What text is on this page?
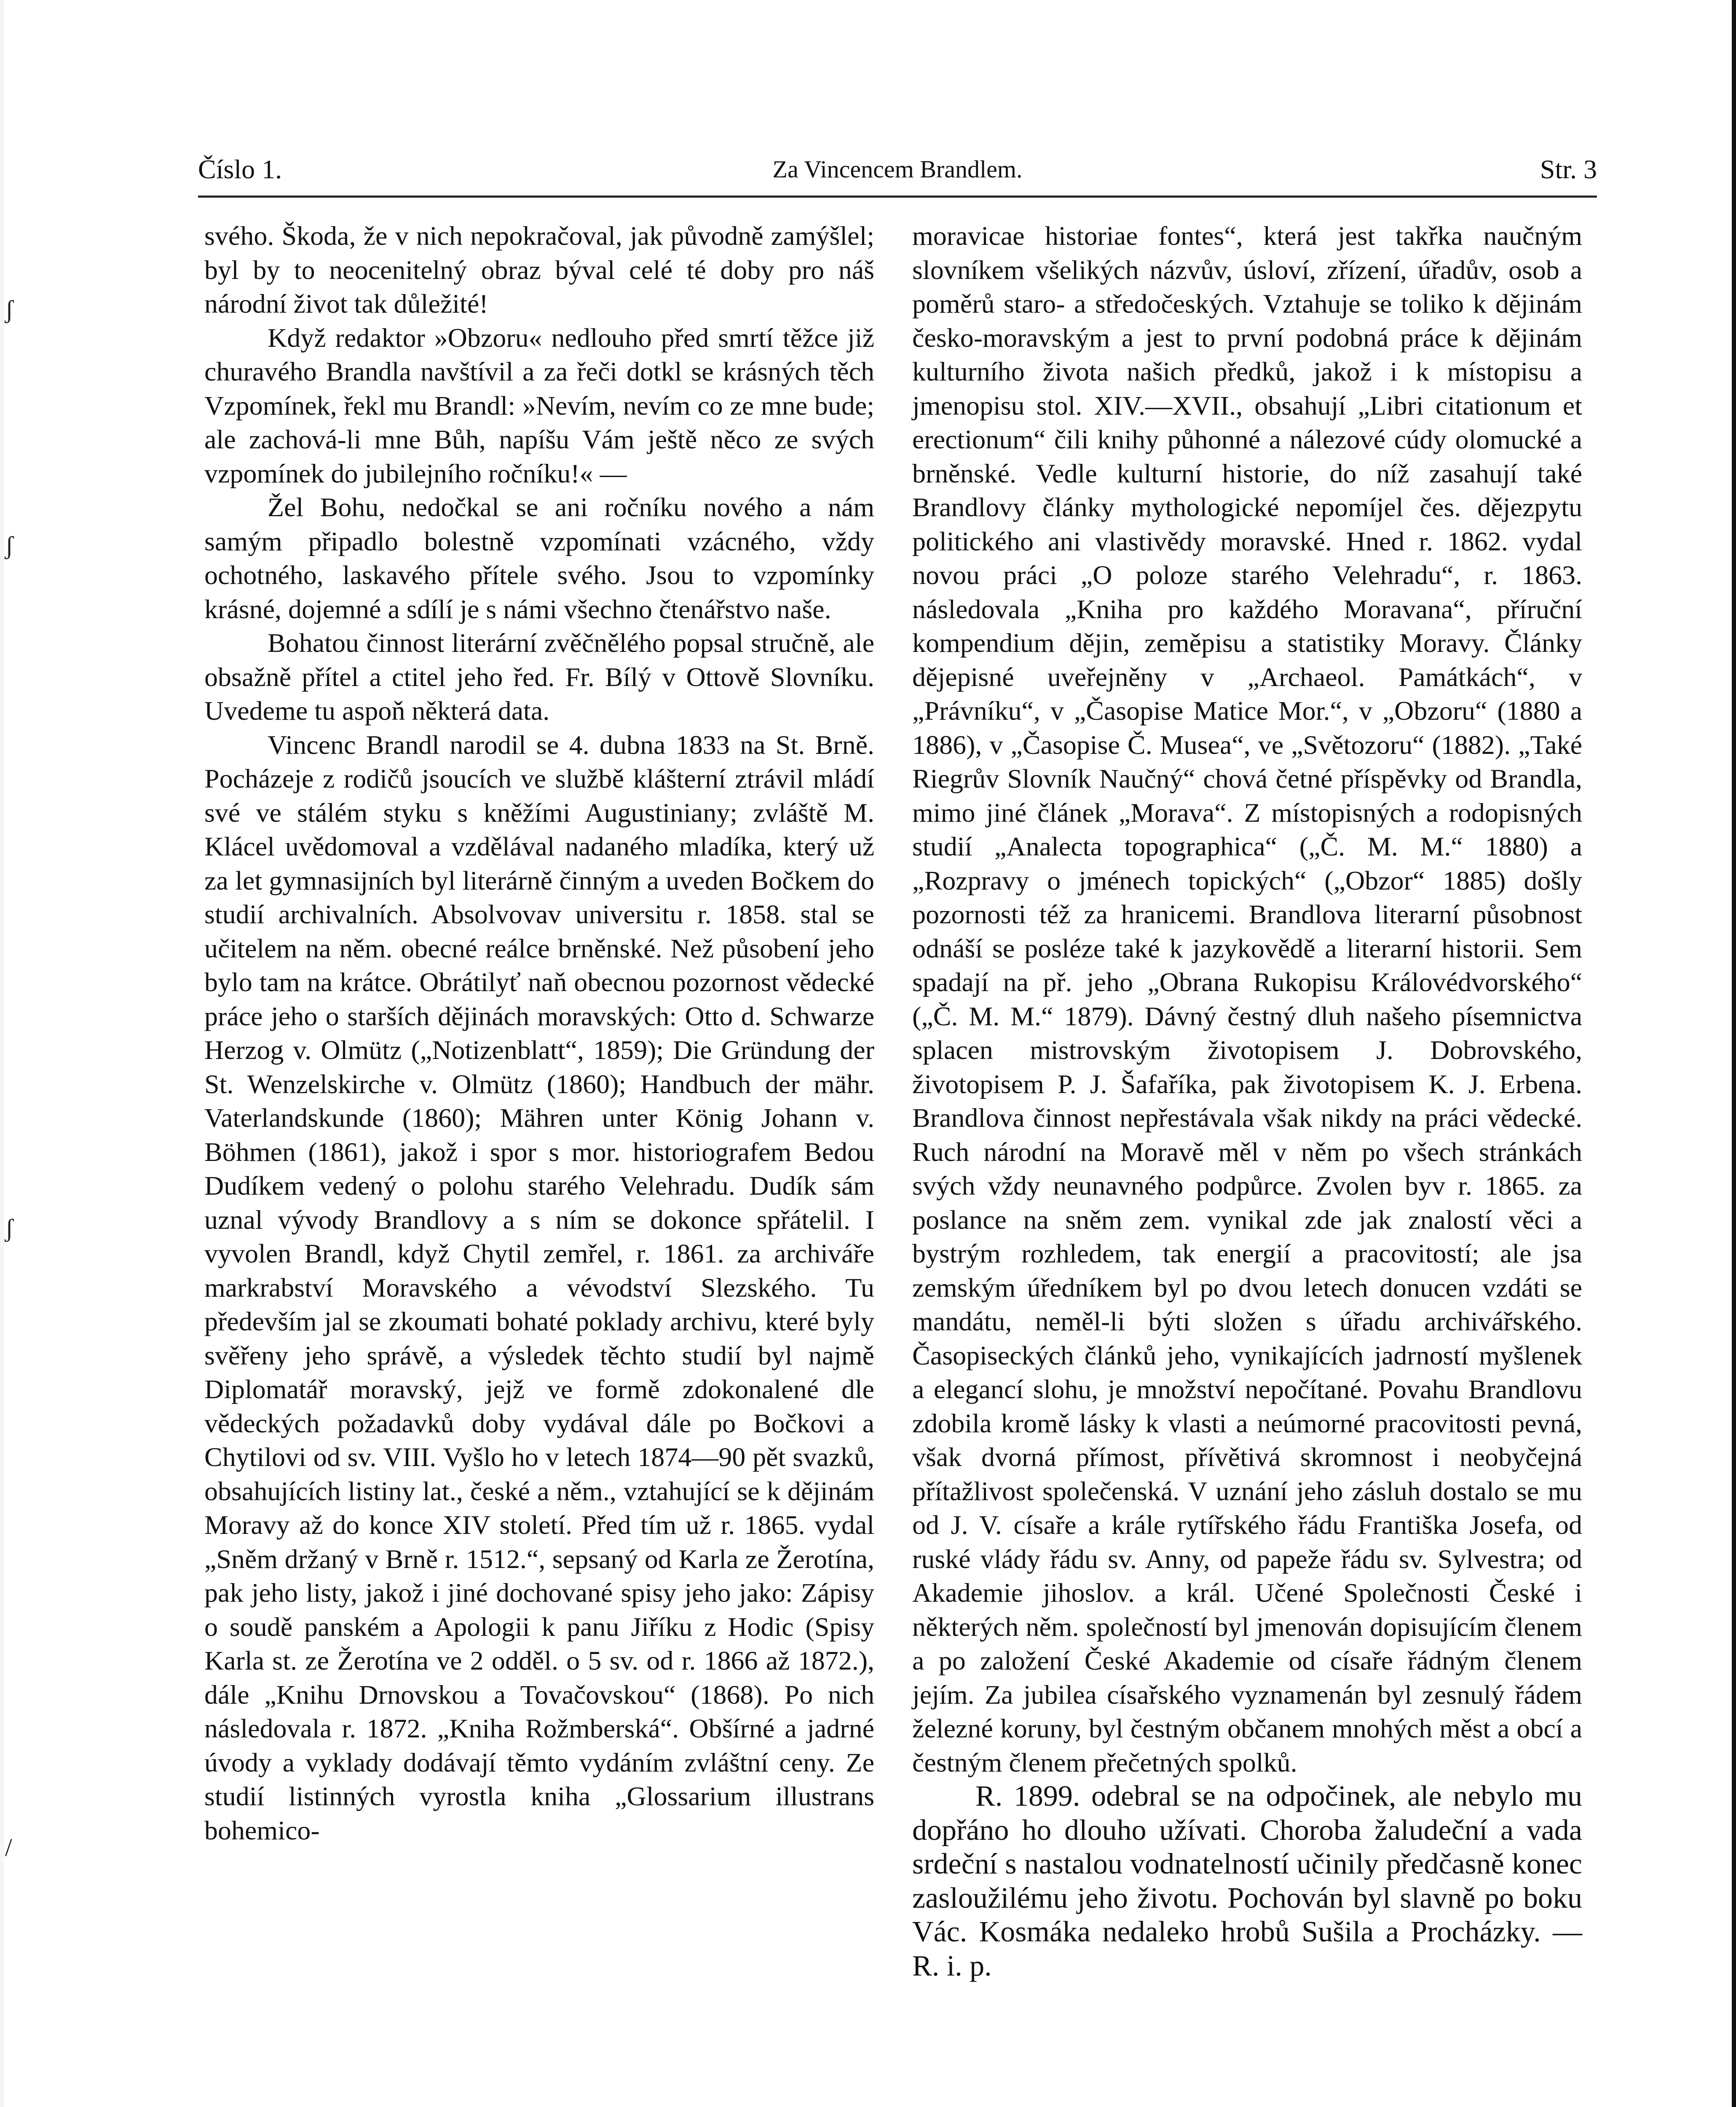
ʃ
ʃ
ʃ
/
Za Vincencem Brandlem.
Číslo 1.	Str. 3

svého. Škoda, že v nich nepokračoval, jak původně zamýšlel; byl by to neocenitelný obraz býval celé té doby pro náš národní život tak důležité!

Když redaktor »Obzoru« nedlouho před smrtí těžce již churavého Brandla navštívil a za řeči dotkl se krásných těch Vzpomínek, řekl mu Brandl: »Nevím, nevím co ze mne bude; ale zachová-li mne Bůh, napíšu Vám ještě něco ze svých vzpomínek do jubilejního ročníku!« —

Žel Bohu, nedočkal se ani ročníku nového a nám samým připadlo bolestně vzpomínati vzácného, vždy ochotného, laskavého přítele svého. Jsou to vzpomínky krásné, dojemné a sdílí je s námi všechno čtenářstvo naše.

Bohatou činnost literární zvěčnělého popsal stručně, ale obsažně přítel a ctitel jeho řed. Fr. Bílý v Ottově Slovníku. Uvedeme tu aspoň některá data.

Vincenc Brandl narodil se 4. dubna 1833 na St. Brně. Pocházeje z rodičů jsoucích ve službě klášterní ztrávil mládí své ve stálém styku s kněžími Augustiniany; zvláště M. Klácel uvědomoval a vzdělával nadaného mladíka, který už za let gymnasijních byl literárně činným a uveden Bočkem do studií archivalních. Absolvovav universitu r. 1858. stal se učitelem na něm. obecné reálce brněnské. Než působení jeho bylo tam na krátce. Obrátilyť naň obecnou pozornost vědecké práce jeho o starších dějinách moravských: Otto d. Schwarze Herzog v. Olmütz („Notizenblatt“, 1859); Die Gründung der St. Wenzelskirche v. Olmütz (1860); Handbuch der mähr. Vaterlandskunde (1860); Mähren unter König Johann v. Böhmen (1861), jakož i spor s mor. historiografem Bedou Dudíkem vedený o polohu starého Velehradu. Dudík sám uznal vývody Brandlovy a s ním se dokonce spřátelil. I vyvolen Brandl, když Chytil zemřel, r. 1861. za archiváře markrabství Moravského a vévodství Slezského. Tu především jal se zkoumati bohaté poklady archivu, které byly svěřeny jeho správě, a výsledek těchto studií byl najmě Diplomatář moravský, jejž ve formě zdokonalené dle vědeckých požadavků doby vydával dále po Bočkovi a Chytilovi od sv. VIII. Vyšlo ho v letech 1874—90 pět svazků, obsahujících listiny lat., české a něm., vztahující se k dějinám Moravy až do konce XIV století. Před tím už r. 1865. vydal „Sněm držaný v Brně r. 1512.“, sepsaný od Karla ze Žerotína, pak jeho listy, jakož i jiné dochované spisy jeho jako: Zápisy o soudě panském a Apologii k panu Jiříku z Hodic (Spisy Karla st. ze Žerotína ve 2 odděl. o 5 sv. od r. 1866 až 1872.), dále „Knihu Drnovskou a Tovačovskou“ (1868). Po nich následovala r. 1872. „Kniha Rožmberská“. Obšírné a jadrné úvody a vyklady dodávají těmto vydáním zvláštní ceny. Ze studií listinných vyrostla kniha „Glossarium illustrans bohemico-

moravicae historiae fontes“, která jest takřka naučným slovníkem všelikých názvův, úsloví, zřízení, úřadův, osob a poměrů staro- a středočeských. Vztahuje se toliko k dějinám česko-moravským a jest to první podobná práce k dějinám kulturního života našich předků, jakož i k místopisu a jmenopisu stol. XIV.—XVII., obsahují „Libri citationum et erectionum“ čili knihy půhonné a nálezové cúdy olomucké a brněnské. Vedle kulturní historie, do níž zasahují také Brandlovy články mythologické nepomíjel čes. dějezpytu politického ani vlastivědy moravské. Hned r. 1862. vydal novou práci „O poloze starého Velehradu“, r. 1863. následovala „Kniha pro každého Moravana“, příruční kompendium dějin, zeměpisu a statistiky Moravy. Články dějepisné uveřejněny v „Archaeol. Památkách“, v „Právníku“, v „Časopise Matice Mor.“, v „Obzoru“ (1880 a 1886), v „Časopise Č. Musea“, ve „Světozoru“ (1882). „Také Riegrův Slovník Naučný“ chová četné příspěvky od Brandla, mimo jiné článek „Morava“. Z místopisných a rodopisných studií „Analecta topographica“ („Č. M. M.“ 1880) a „Rozpravy o jménech topických“ („Obzor“ 1885) došly pozornosti též za hranicemi. Brandlova literarní působnost odnáší se posléze také k jazykovědě a literarní historii. Sem spadají na př. jeho „Obrana Rukopisu Královédvorského“ („Č. M. M.“ 1879). Dávný čestný dluh našeho písemnictva splacen mistrovským životopisem J. Dobrovského, životopisem P. J. Šafaříka, pak životopisem K. J. Erbena. Brandlova činnost nepřestávala však nikdy na práci vědecké. Ruch národní na Moravě měl v něm po všech stránkách svých vždy neunavného podpůrce. Zvolen byv r. 1865. za poslance na sněm zem. vynikal zde jak znalostí věci a bystrým rozhledem, tak energií a pracovitostí; ale jsa zemským úředníkem byl po dvou letech donucen vzdáti se mandátu, neměl-li býti složen s úřadu archivářského. Časopiseckých článků jeho, vynikajících jadrností myšlenek a elegancí slohu, je množství nepočítané. Povahu Brandlovu zdobila kromě lásky k vlasti a neúmorné pracovitosti pevná, však dvorná přímost, přívětivá skromnost i neobyčejná přítažlivost společenská. V uznání jeho zásluh dostalo se mu od J. V. císaře a krále rytířského řádu Františka Josefa, od ruské vlády řádu sv. Anny, od papeže řádu sv. Sylvestra; od Akademie jihoslov. a král. Učené Společnosti České i některých něm. společností byl jmenován dopisujícím členem a po založení České Akademie od císaře řádným členem jejím. Za jubilea císařského vyznamenán byl zesnulý řádem železné koruny, byl čestným občanem mnohých měst a obcí a čestným členem přečetných spolků.

R. 1899. odebral se na odpočinek, ale nebylo mu dopřáno ho dlouho užívati. Choroba žaludeční a vada srdeční s nastalou vodnatelností učinily předčasně konec zasloužilému jeho životu. Pochován byl slavně po boku Vác. Kosmáka nedaleko hrobů Sušila a Procházky. — R. i. p.
